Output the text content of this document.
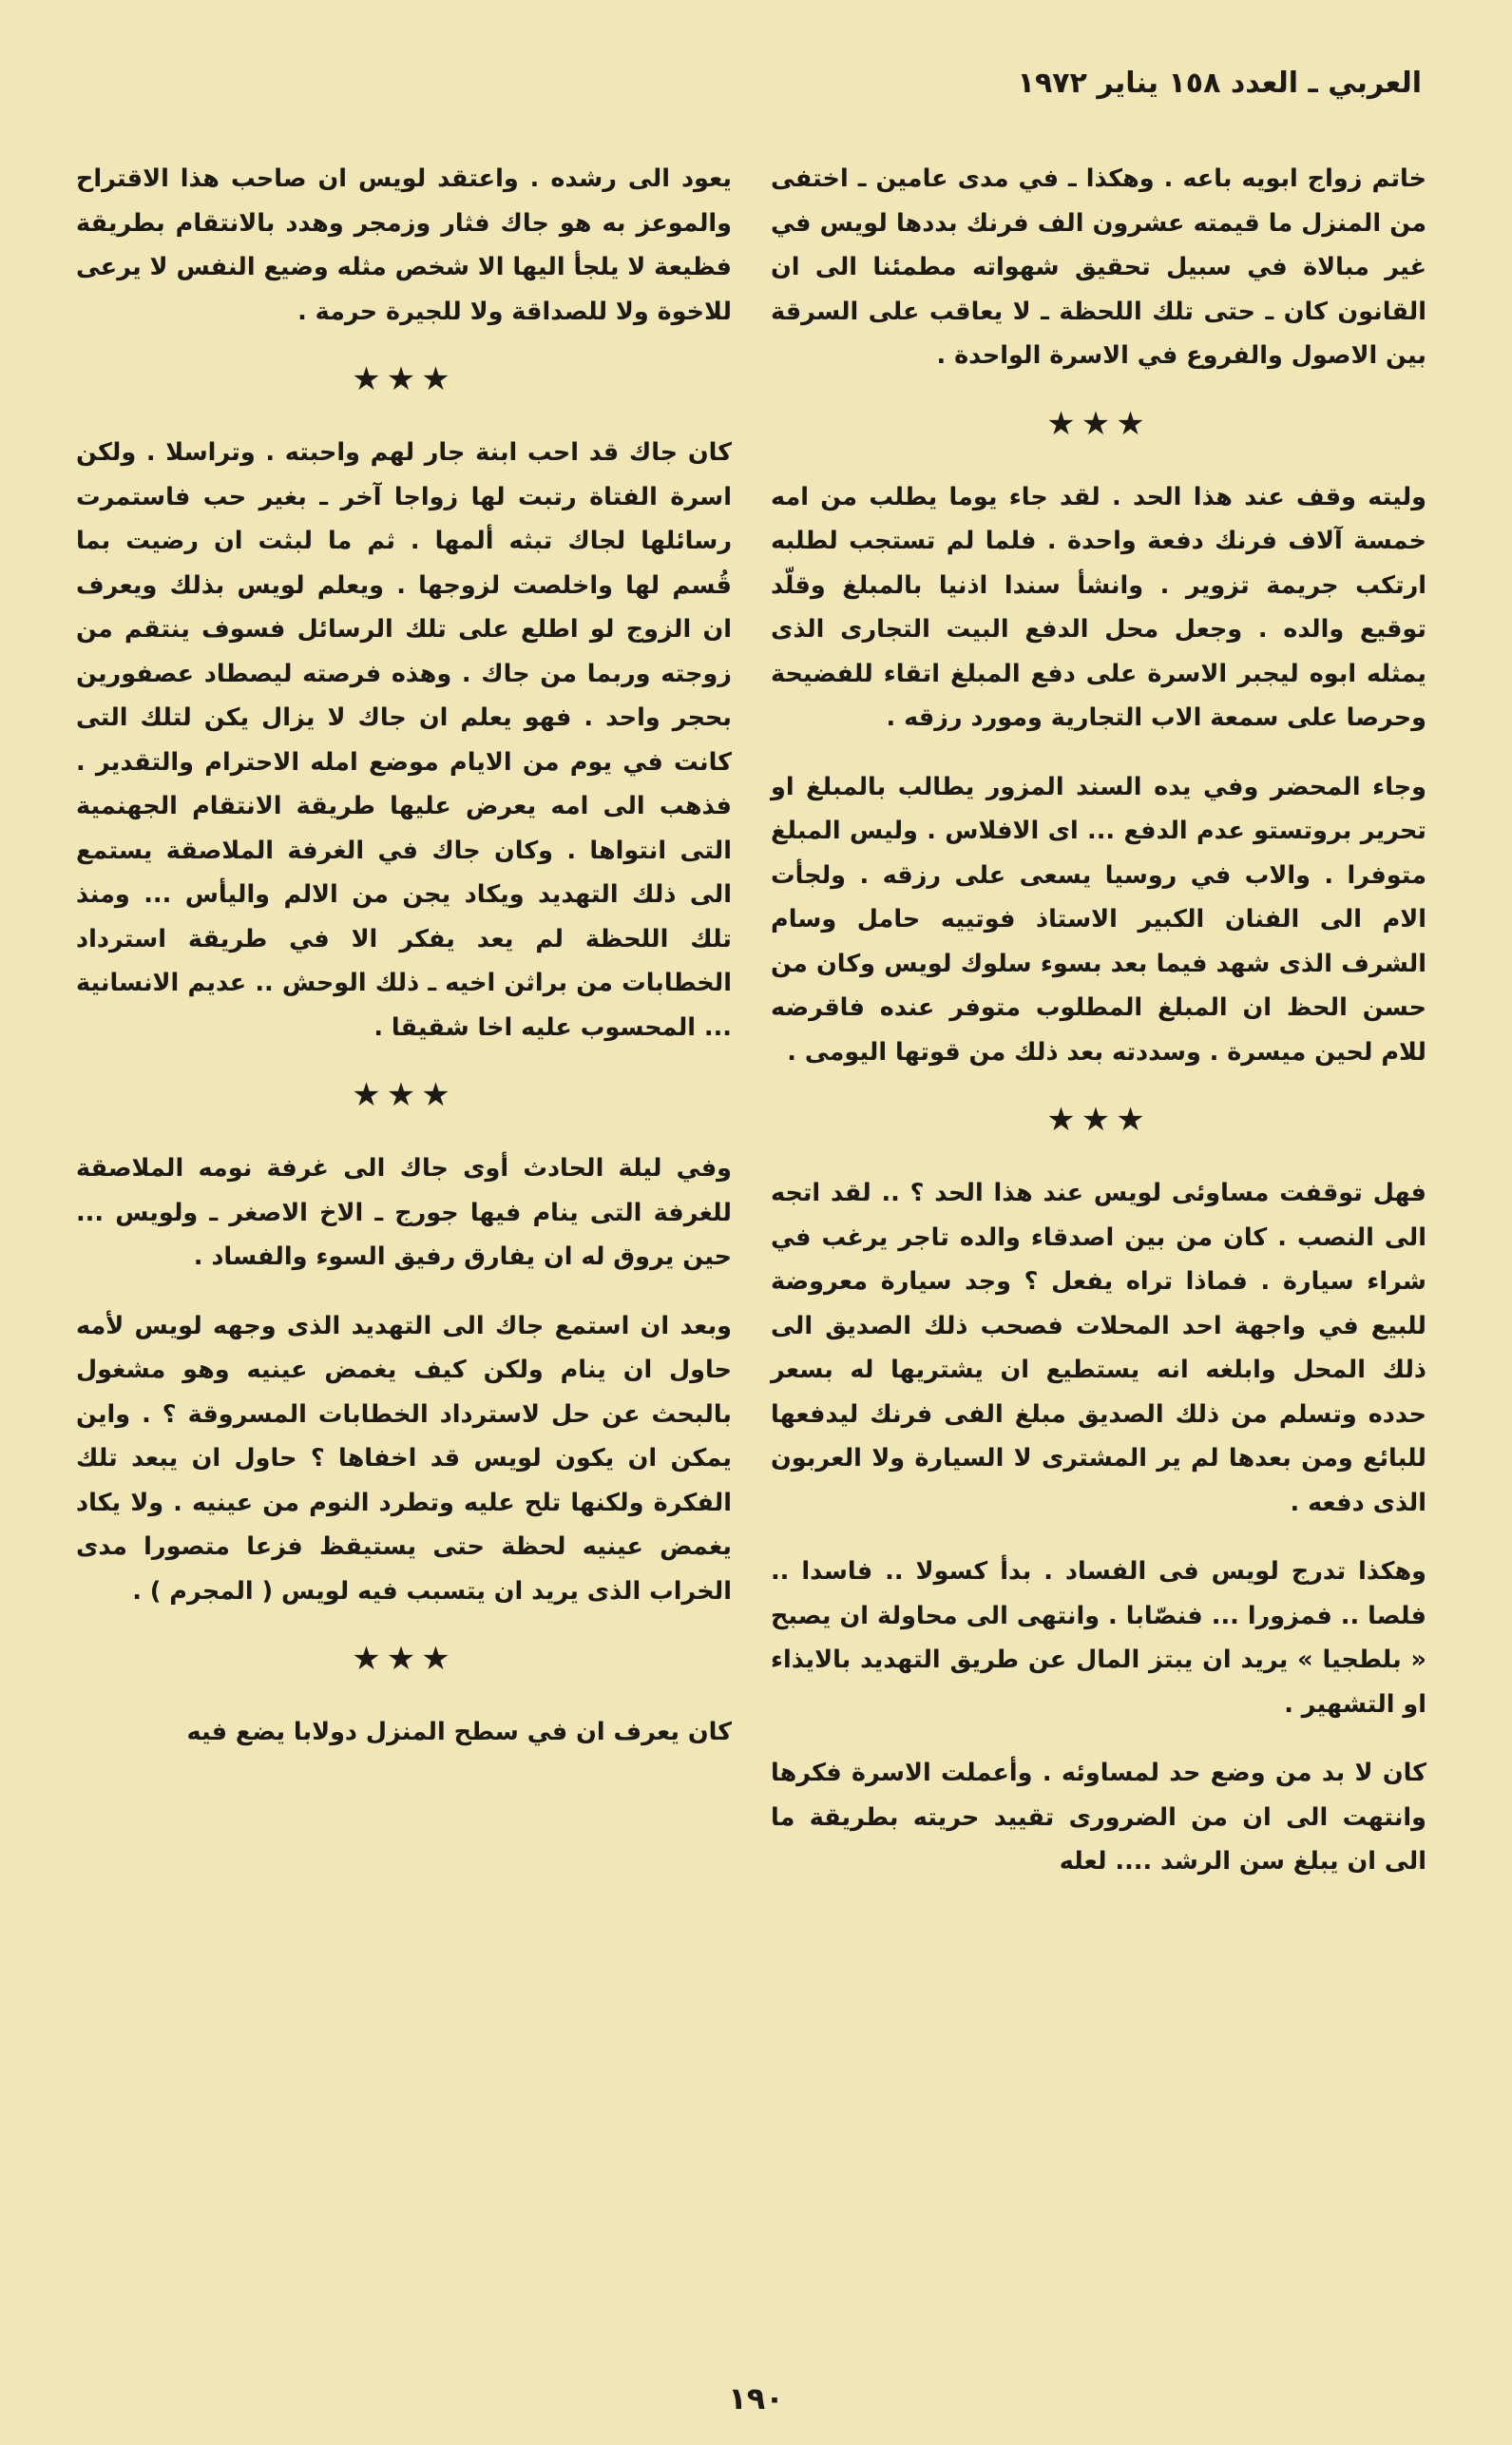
العربي ـ العدد ١٥٨ يناير ١٩٧٢

خاتم زواج ابويه باعه . وهكذا ـ في مدى عامين ـ اختفى من المنزل ما قيمته عشرون الف فرنك بددها لويس في غير مبالاة في سبيل تحقيق شهواته مطمئنا الى ان القانون كان ـ حتى تلك اللحظة ـ لا يعاقب على السرقة بين الاصول والفروع في الاسرة الواحدة .

★★★

وليته وقف عند هذا الحد . لقد جاء يوما يطلب من امه خمسة آلاف فرنك دفعة واحدة . فلما لم تستجب لطلبه ارتكب جريمة تزوير . وانشأ سندا اذنيا بالمبلغ وقلّد توقيع والده . وجعل محل الدفع البيت التجارى الذى يمثله ابوه ليجبر الاسرة على دفع المبلغ اتقاء للفضيحة وحرصا على سمعة الاب التجارية ومورد رزقه .

وجاء المحضر وفي يده السند المزور يطالب بالمبلغ او تحرير بروتستو عدم الدفع ... اى الافلاس . وليس المبلغ متوفرا . والاب في روسيا يسعى على رزقه . ولجأت الام الى الفنان الكبير الاستاذ فوتييه حامل وسام الشرف الذى شهد فيما بعد بسوء سلوك لويس وكان من حسن الحظ ان المبلغ المطلوب متوفر عنده فاقرضه للام لحين ميسرة . وسددته بعد ذلك من قوتها اليومى .

★★★

فهل توقفت مساوئى لويس عند هذا الحد ؟ .. لقد اتجه الى النصب . كان من بين اصدقاء والده تاجر يرغب في شراء سيارة . فماذا تراه يفعل ؟ وجد سيارة معروضة للبيع في واجهة احد المحلات فصحب ذلك الصديق الى ذلك المحل وابلغه انه يستطيع ان يشتريها له بسعر حدده وتسلم من ذلك الصديق مبلغ الفى فرنك ليدفعها للبائع ومن بعدها لم ير المشترى لا السيارة ولا العربون الذى دفعه .

وهكذا تدرج لويس فى الفساد . بدأ كسولا .. فاسدا .. فلصا .. فمزورا ... فنصّابا . وانتهى الى محاولة ان يصبح « بلطجيا » يريد ان يبتز المال عن طريق التهديد بالايذاء او التشهير .

كان لا بد من وضع حد لمساوئه . وأعملت الاسرة فكرها وانتهت الى ان من الضرورى تقييد حريته بطريقة ما الى ان يبلغ سن الرشد .... لعله

يعود الى رشده . واعتقد لويس ان صاحب هذا الاقتراح والموعز به هو جاك فثار وزمجر وهدد بالانتقام بطريقة فظيعة لا يلجأ اليها الا شخص مثله وضيع النفس لا يرعى للاخوة ولا للصداقة ولا للجيرة حرمة .

★★★

كان جاك قد احب ابنة جار لهم واحبته . وتراسلا . ولكن اسرة الفتاة رتبت لها زواجا آخر ـ بغير حب فاستمرت رسائلها لجاك تبثه ألمها . ثم ما لبثت ان رضيت بما قُسم لها واخلصت لزوجها . ويعلم لويس بذلك ويعرف ان الزوج لو اطلع على تلك الرسائل فسوف ينتقم من زوجته وربما من جاك . وهذه فرصته ليصطاد عصفورين بحجر واحد . فهو يعلم ان جاك لا يزال يكن لتلك التى كانت في يوم من الايام موضع امله الاحترام والتقدير . فذهب الى امه يعرض عليها طريقة الانتقام الجهنمية التى انتواها . وكان جاك في الغرفة الملاصقة يستمع الى ذلك التهديد ويكاد يجن من الالم واليأس ... ومنذ تلك اللحظة لم يعد يفكر الا في طريقة استرداد الخطابات من براثن اخيه ـ ذلك الوحش .. عديم الانسانية ... المحسوب عليه اخا شقيقا .

★★★

وفي ليلة الحادث أوى جاك الى غرفة نومه الملاصقة للغرفة التى ينام فيها جورج ـ الاخ الاصغر ـ ولويس ... حين يروق له ان يفارق رفيق السوء والفساد .

وبعد ان استمع جاك الى التهديد الذى وجهه لويس لأمه حاول ان ينام ولكن كيف يغمض عينيه وهو مشغول بالبحث عن حل لاسترداد الخطابات المسروقة ؟ . واين يمكن ان يكون لويس قد اخفاها ؟ حاول ان يبعد تلك الفكرة ولكنها تلح عليه وتطرد النوم من عينيه . ولا يكاد يغمض عينيه لحظة حتى يستيقظ فزعا متصورا مدى الخراب الذى يريد ان يتسبب فيه لويس ( المجرم ) .

★★★

كان يعرف ان في سطح المنزل دولابا يضع فيه

١٩٠
